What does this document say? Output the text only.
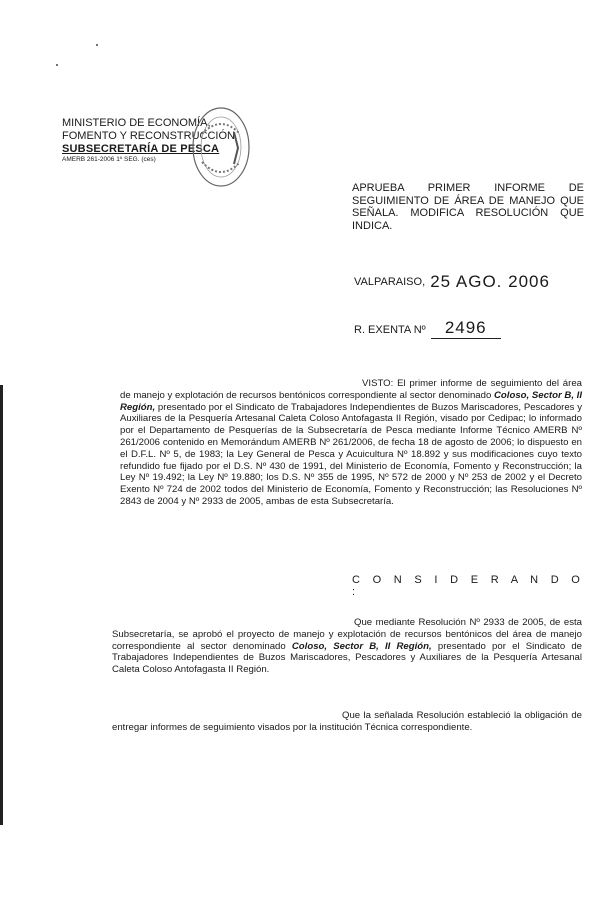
MINISTERIO DE ECONOMÍA,
FOMENTO Y RECONSTRUCCIÓN
SUBSECRETARÍA DE PESCA
AMERB 261-2006 1º SEG. (ces)
APRUEBA PRIMER INFORME DE SEGUIMIENTO DE ÁREA DE MANEJO QUE SEÑALA. MODIFICA RESOLUCIÓN QUE INDICA.
VALPARAISO, 25 AGO. 2006
R. EXENTA Nº 2496
VISTO: El primer informe de seguimiento del área de manejo y explotación de recursos bentónicos correspondiente al sector denominado Coloso, Sector B, II Región, presentado por el Sindicato de Trabajadores Independientes de Buzos Mariscadores, Pescadores y Auxiliares de la Pesquería Artesanal Caleta Coloso Antofagasta II Región, visado por Cedipac; lo informado por el Departamento de Pesquerías de la Subsecretaría de Pesca mediante Informe Técnico AMERB Nº 261/2006 contenido en Memorándum AMERB Nº 261/2006, de fecha 18 de agosto de 2006; lo dispuesto en el D.F.L. Nº 5, de 1983; la Ley General de Pesca y Acuicultura Nº 18.892 y sus modificaciones cuyo texto refundido fue fijado por el D.S. Nº 430 de 1991, del Ministerio de Economía, Fomento y Reconstrucción; la Ley Nº 19.492; la Ley Nº 19.880; los D.S. Nº 355 de 1995, Nº 572 de 2000 y Nº 253 de 2002 y el Decreto Exento Nº 724 de 2002 todos del Ministerio de Economía, Fomento y Reconstrucción; las Resoluciones Nº 2843 de 2004 y Nº 2933 de 2005, ambas de esta Subsecretaría.
C O N S I D E R A N D O :
Que mediante Resolución Nº 2933 de 2005, de esta Subsecretaría, se aprobó el proyecto de manejo y explotación de recursos bentónicos del área de manejo correspondiente al sector denominado Coloso, Sector B, II Región, presentado por el Sindicato de Trabajadores Independientes de Buzos Mariscadores, Pescadores y Auxiliares de la Pesquería Artesanal Caleta Coloso Antofagasta II Región.
Que la señalada Resolución estableció la obligación de entregar informes de seguimiento visados por la institución Técnica correspondiente.
